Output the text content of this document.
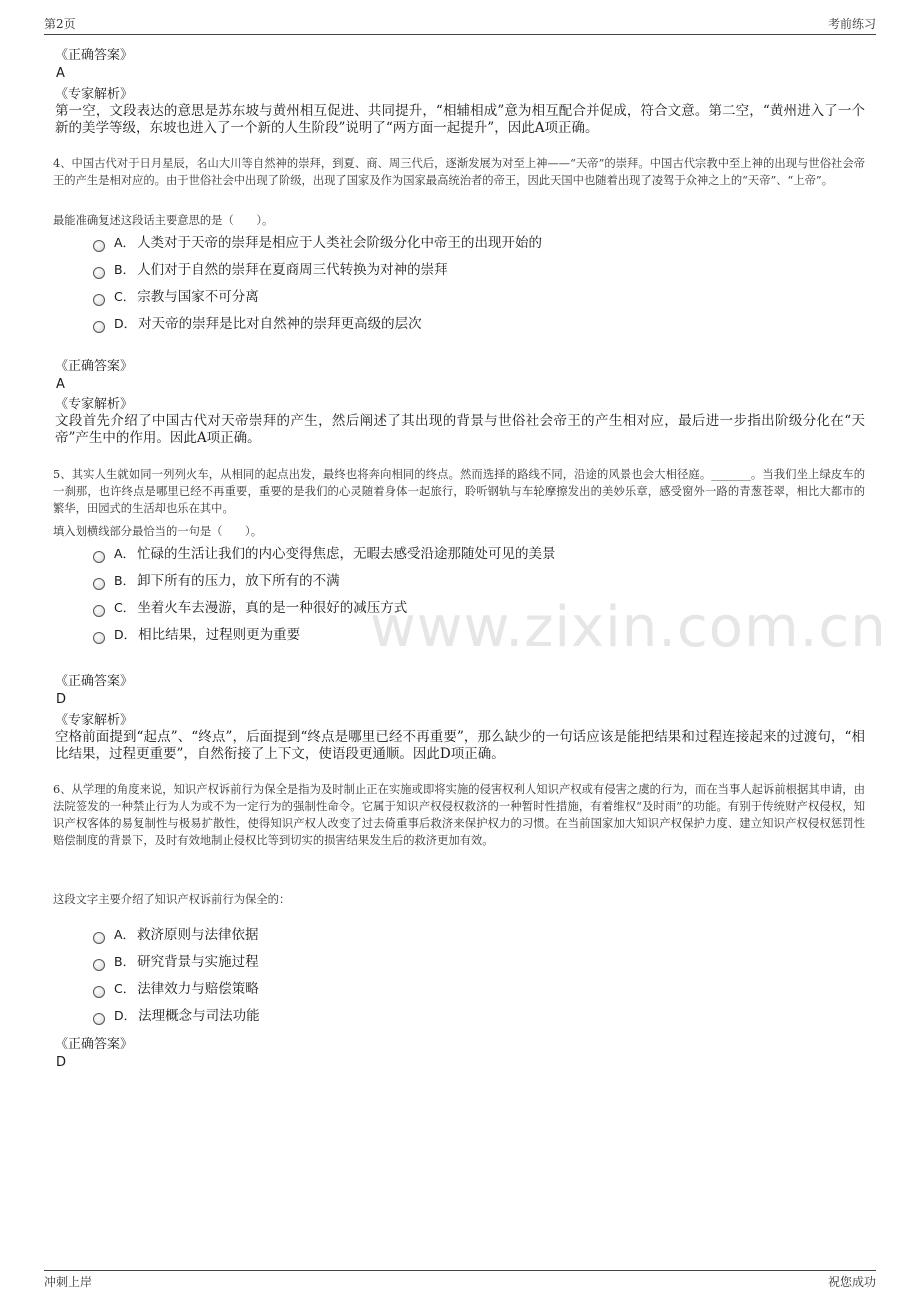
第2页	考前练习
www.zixin.com.cn
《正确答案》
A
《专家解析》
第一空，文段表达的意思是苏东坡与黄州相互促进、共同提升，“相辅相成”意为相互配合并促成，符合文意。第二空，“黄州进入了一个新的美学等级，东坡也进入了一个新的人生阶段”说明了“两方面一起提升”，因此A项正确。
4、中国古代对于日月星辰，名山大川等自然神的崇拜，到夏、商、周三代后，逐渐发展为对至上神——“天帝”的崇拜。中国古代宗教中至上神的出现与世俗社会帝王的产生是相对应的。由于世俗社会中出现了阶级，出现了国家及作为国家最高统治者的帝王，因此天国中也随着出现了凌驾于众神之上的“天帝”、“上帝”。
最能准确复述这段话主要意思的是（　　）。
A． 人类对于天帝的崇拜是相应于人类社会阶级分化中帝王的出现开始的
B． 人们对于自然的崇拜在夏商周三代转换为对神的崇拜
C． 宗教与国家不可分离
D． 对天帝的崇拜是比对自然神的崇拜更高级的层次
《正确答案》
A
《专家解析》
文段首先介绍了中国古代对天帝崇拜的产生，然后阐述了其出现的背景与世俗社会帝王的产生相对应，最后进一步指出阶级分化在“天帝”产生中的作用。因此A项正确。
5、其实人生就如同一列列火车，从相同的起点出发，最终也将奔向相同的终点。然而选择的路线不同，沿途的风景也会大相径庭。_______。当我们坐上绿皮车的一刹那，也许终点是哪里已经不再重要，重要的是我们的心灵随着身体一起旅行，聆听钢轨与车轮摩擦发出的美妙乐章，感受窗外一路的青葱苍翠，相比大都市的繁华，田园式的生活却也乐在其中。
填入划横线部分最恰当的一句是（　　）。
A． 忙碌的生活让我们的内心变得焦虑，无暇去感受沿途那随处可见的美景
B． 卸下所有的压力，放下所有的不满
C． 坐着火车去漫游，真的是一种很好的减压方式
D． 相比结果，过程则更为重要
《正确答案》
D
《专家解析》
空格前面提到“起点”、“终点”，后面提到“终点是哪里已经不再重要”，那么缺少的一句话应该是能把结果和过程连接起来的过渡句，“相比结果，过程更重要”，自然衔接了上下文，使语段更通顺。因此D项正确。
6、从学理的角度来说，知识产权诉前行为保全是指为及时制止正在实施或即将实施的侵害权利人知识产权或有侵害之虞的行为，而在当事人起诉前根据其申请，由法院签发的一种禁止行为人为或不为一定行为的强制性命令。它属于知识产权侵权救济的一种暂时性措施，有着维权“及时雨”的功能。有别于传统财产权侵权，知识产权客体的易复制性与极易扩散性，使得知识产权人改变了过去倚重事后救济来保护权力的习惯。在当前国家加大知识产权保护力度、建立知识产权侵权惩罚性赔偿制度的背景下，及时有效地制止侵权比等到切实的损害结果发生后的救济更加有效。
这段文字主要介绍了知识产权诉前行为保全的：
A． 救济原则与法律依据
B． 研究背景与实施过程
C． 法律效力与赔偿策略
D． 法理概念与司法功能
《正确答案》
D
冲刺上岸	祝您成功
